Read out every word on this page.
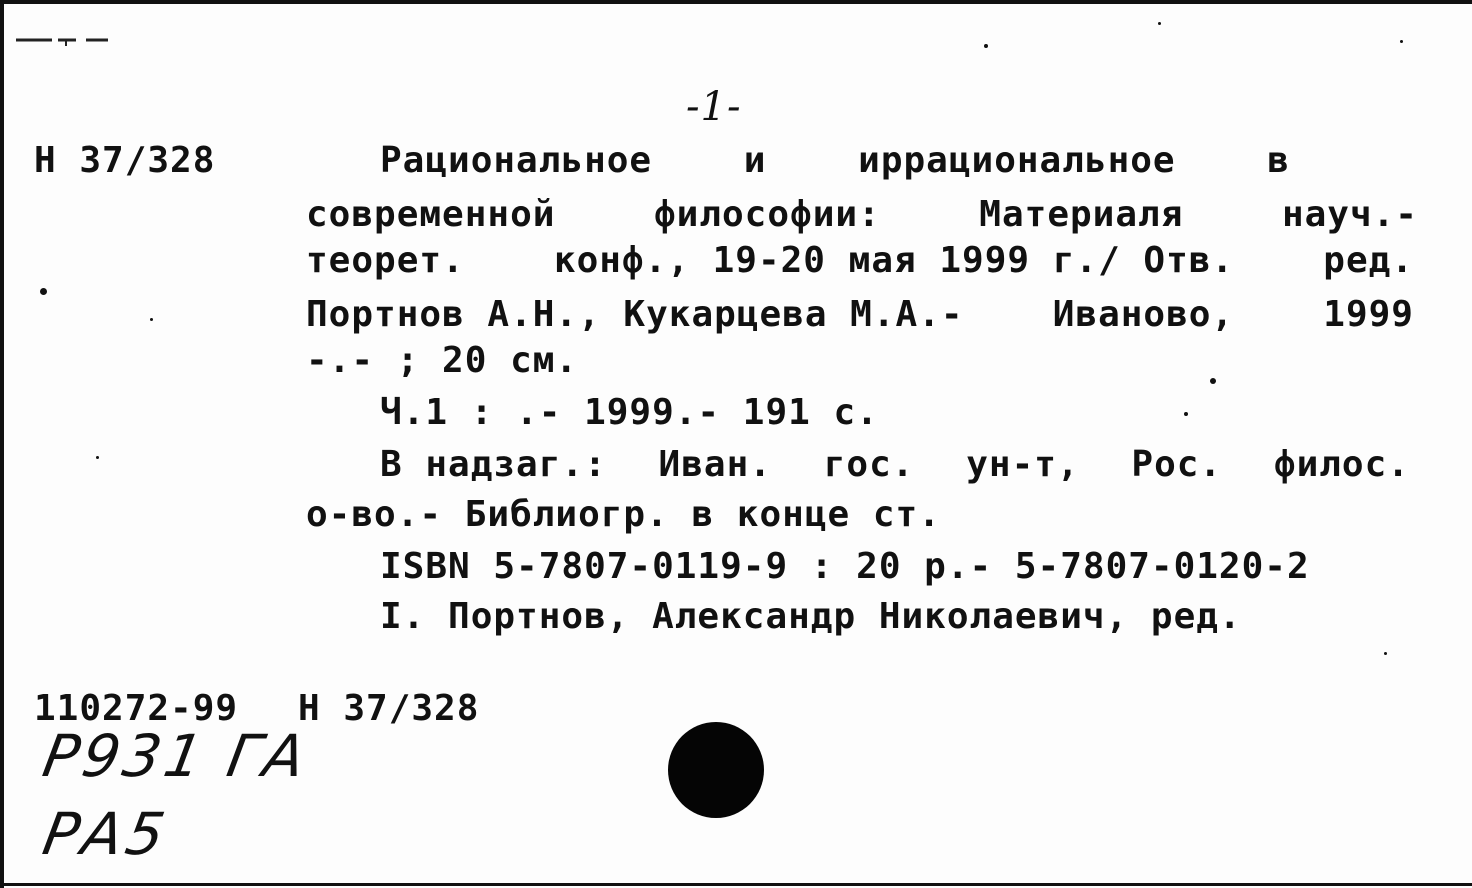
-1-
Н 37/328	Рациональное	и	иррациональное	в
современной	философии:	Материаля	науч.-
теорет. конф., 19-20 мая 1999 г./ Отв. ред.
Портнов А.Н., Кукарцева М.А.- Иваново, 1999
-.- ; 20 см.
Ч.1 : .- 1999.- 191 с.
В надзаг.: Иван. гос. ун-т, Рос. филос.
о-во.- Библиогр. в конце ст.
ISBN 5-7807-0119-9 : 20 р.- 5-7807-0120-2
I. Портнов, Александр Николаевич, ред.
110272-99 Н 37/328
Р931 ГА
РА5
